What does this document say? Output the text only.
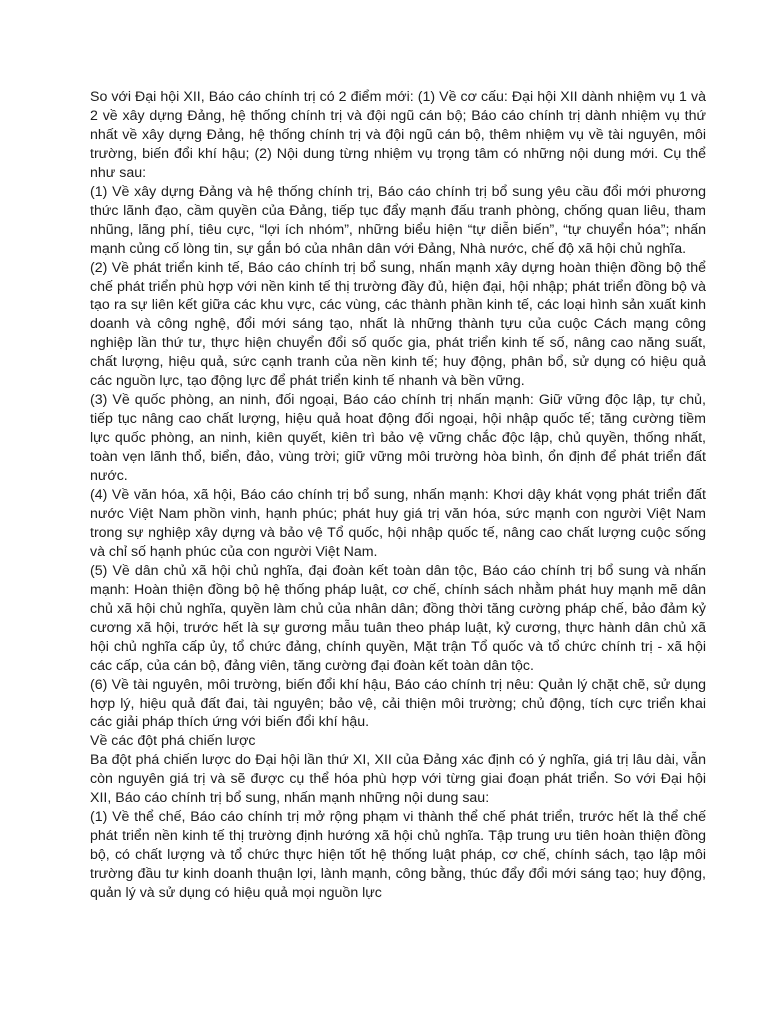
So với Đại hội XII, Báo cáo chính trị có 2 điểm mới: (1) Về cơ cấu: Đại hội XII dành nhiệm vụ 1 và 2 về xây dựng Đảng, hệ thống chính trị và đội ngũ cán bộ; Báo cáo chính trị dành nhiệm vụ thứ nhất về xây dựng Đảng, hệ thống chính trị và đội ngũ cán bộ, thêm nhiệm vụ về tài nguyên, môi trường, biến đổi khí hậu; (2) Nội dung từng nhiệm vụ trọng tâm có những nội dung mới. Cụ thể như sau:

(1) Về xây dựng Đảng và hệ thống chính trị, Báo cáo chính trị bổ sung yêu cầu đổi mới phương thức lãnh đạo, cầm quyền của Đảng, tiếp tục đẩy mạnh đấu tranh phòng, chống quan liêu, tham nhũng, lãng phí, tiêu cực, “lợi ích nhóm”, những biểu hiện “tự diễn biến”, “tự chuyển hóa”; nhấn mạnh củng cố lòng tin, sự gắn bó của nhân dân với Đảng, Nhà nước, chế độ xã hội chủ nghĩa.

(2) Về phát triển kinh tế, Báo cáo chính trị bổ sung, nhấn mạnh xây dựng hoàn thiện đồng bộ thể chế phát triển phù hợp với nền kinh tế thị trường đầy đủ, hiện đại, hội nhập; phát triển đồng bộ và tạo ra sự liên kết giữa các khu vực, các vùng, các thành phần kinh tế, các loại hình sản xuất kinh doanh và công nghệ, đổi mới sáng tạo, nhất là những thành tựu của cuộc Cách mạng công nghiệp lần thứ tư, thực hiện chuyển đổi số quốc gia, phát triển kinh tế số, nâng cao năng suất, chất lượng, hiệu quả, sức cạnh tranh của nền kinh tế; huy động, phân bổ, sử dụng có hiệu quả các nguồn lực, tạo động lực để phát triển kinh tế nhanh và bền vững.

(3) Về quốc phòng, an ninh, đối ngoại, Báo cáo chính trị nhấn mạnh: Giữ vững độc lập, tự chủ, tiếp tục nâng cao chất lượng, hiệu quả hoat động đối ngoại, hội nhập quốc tế; tăng cường tiềm lực quốc phòng, an ninh, kiên quyết, kiên trì bảo vệ vững chắc độc lập, chủ quyền, thống nhất, toàn vẹn lãnh thổ, biển, đảo, vùng trời; giữ vững môi trường hòa bình, ổn định để phát triển đất nước.

(4) Về văn hóa, xã hội, Báo cáo chính trị bổ sung, nhấn mạnh: Khơi dậy khát vọng phát triển đất nước Việt Nam phồn vinh, hạnh phúc; phát huy giá trị văn hóa, sức mạnh con người Việt Nam trong sự nghiệp xây dựng và bảo vệ Tổ quốc, hội nhập quốc tế, nâng cao chất lượng cuộc sống và chỉ số hạnh phúc của con người Việt Nam.

(5) Về dân chủ xã hội chủ nghĩa, đại đoàn kết toàn dân tộc, Báo cáo chính trị bổ sung và nhấn mạnh: Hoàn thiện đồng bộ hệ thống pháp luật, cơ chế, chính sách nhằm phát huy mạnh mẽ dân chủ xã hội chủ nghĩa, quyền làm chủ của nhân dân; đồng thời tăng cường pháp chế, bảo đảm kỷ cương xã hội, trước hết là sự gương mẫu tuân theo pháp luật, kỷ cương, thực hành dân chủ xã hội chủ nghĩa cấp ủy, tổ chức đảng, chính quyền, Mặt trận Tổ quốc và tổ chức chính trị - xã hội các cấp, của cán bộ, đảng viên, tăng cường đại đoàn kết toàn dân tộc.

(6) Về tài nguyên, môi trường, biến đổi khí hậu, Báo cáo chính trị nêu: Quản lý chặt chẽ, sử dụng hợp lý, hiệu quả đất đai, tài nguyên; bảo vệ, cải thiện môi trường; chủ động, tích cực triển khai các giải pháp thích ứng với biến đổi khí hậu.

Về các đột phá chiến lược

Ba đột phá chiến lược do Đại hội lần thứ XI, XII của Đảng xác định có ý nghĩa, giá trị lâu dài, vẫn còn nguyên giá trị và sẽ được cụ thể hóa phù hợp với từng giai đoạn phát triển. So với Đại hội XII, Báo cáo chính trị bổ sung, nhấn mạnh những nội dung sau:

(1) Về thể chế, Báo cáo chính trị mở rộng phạm vi thành thể chế phát triển, trước hết là thể chế phát triển nền kinh tế thị trường định hướng xã hội chủ nghĩa. Tập trung ưu tiên hoàn thiện đồng bộ, có chất lượng và tổ chức thực hiện tốt hệ thống luật pháp, cơ chế, chính sách, tạo lập môi trường đầu tư kinh doanh thuận lợi, lành mạnh, công bằng, thúc đẩy đổi mới sáng tạo; huy động, quản lý và sử dụng có hiệu quả mọi nguồn lực
